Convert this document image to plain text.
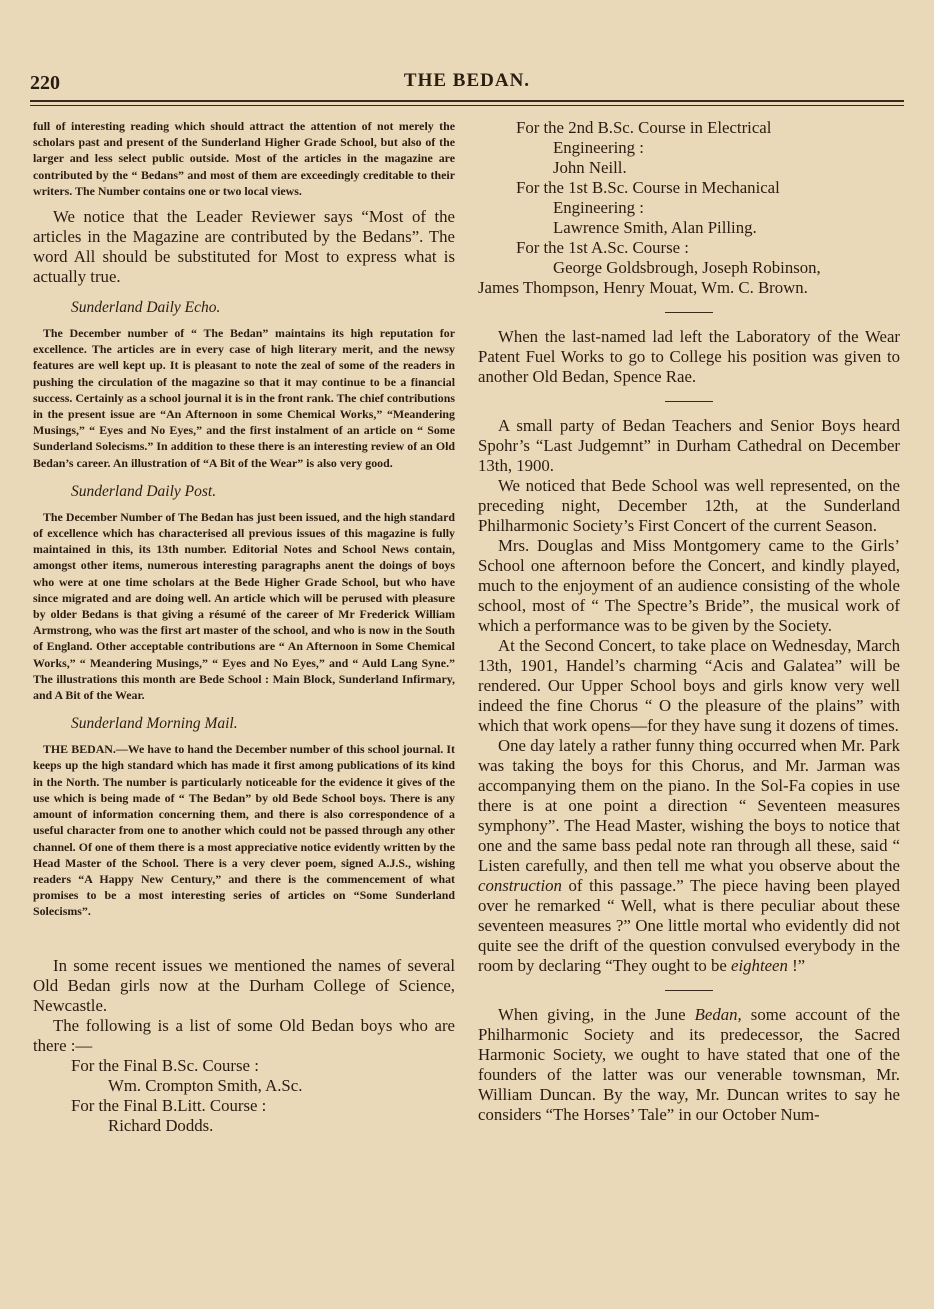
220	THE BEDAN.

full of interesting reading which should attract the attention of not merely the scholars past and present of the Sunderland Higher Grade School, but also of the larger and less select public outside. Most of the articles in the magazine are contributed by the “ Bedans” and most of them are exceedingly creditable to their writers. The Number contains one or two local views.

We notice that the Leader Reviewer says “Most of the articles in the Magazine are contributed by the Bedans”. The word All should be substituted for Most to express what is actually true.

Sunderland Daily Echo.

The December number of “ The Bedan” maintains its high reputation for excellence. The articles are in every case of high literary merit, and the newsy features are well kept up. It is pleasant to note the zeal of some of the readers in pushing the circulation of the magazine so that it may continue to be a financial success. Certainly as a school journal it is in the front rank. The chief contributions in the present issue are “An Afternoon in some Chemical Works,” “Meandering Musings,” “ Eyes and No Eyes,” and the first instalment of an article on “ Some Sunderland Solecisms.” In addition to these there is an interesting review of an Old Bedan’s career. An illustration of “A Bit of the Wear” is also very good.

Sunderland Daily Post.

The December Number of The Bedan has just been issued, and the high standard of excellence which has characterised all previous issues of this magazine is fully maintained in this, its 13th number. Editorial Notes and School News contain, amongst other items, numerous interesting paragraphs anent the doings of boys who were at one time scholars at the Bede Higher Grade School, but who have since migrated and are doing well. An article which will be perused with pleasure by older Bedans is that giving a résumé of the career of Mr Frederick William Armstrong, who was the first art master of the school, and who is now in the South of England. Other acceptable contributions are “ An Afternoon in Some Chemical Works,” “ Meandering Musings,” “ Eyes and No Eyes,” and “ Auld Lang Syne.” The illustrations this month are Bede School : Main Block, Sunderland Infirmary, and A Bit of the Wear.

Sunderland Morning Mail.

THE BEDAN.—We have to hand the December number of this school journal. It keeps up the high standard which has made it first among publications of its kind in the North. The number is particularly noticeable for the evidence it gives of the use which is being made of “ The Bedan” by old Bede School boys. There is any amount of information concerning them, and there is also correspondence of a useful character from one to another which could not be passed through any other channel. Of one of them there is a most appreciative notice evidently written by the Head Master of the School. There is a very clever poem, signed A.J.S., wishing readers “A Happy New Century,” and there is the commencement of what promises to be a most interesting series of articles on “Some Sunderland Solecisms”.

In some recent issues we mentioned the names of several Old Bedan girls now at the Durham College of Science, Newcastle.

The following is a list of some Old Bedan boys who are there :—

For the Final B.Sc. Course :
Wm. Crompton Smith, A.Sc.
For the Final B.Litt. Course :
Richard Dodds.
For the 2nd B.Sc. Course in Electrical
Engineering :
John Neill.
For the 1st B.Sc. Course in Mechanical
Engineering :
Lawrence Smith, Alan Pilling.
For the 1st A.Sc. Course :
George Goldsbrough, Joseph Robinson,
James Thompson, Henry Mouat, Wm. C. Brown.

When the last-named lad left the Laboratory of the Wear Patent Fuel Works to go to College his position was given to another Old Bedan, Spence Rae.

A small party of Bedan Teachers and Senior Boys heard Spohr’s “Last Judgemnt” in Durham Cathedral on December 13th, 1900.

We noticed that Bede School was well represented, on the preceding night, December 12th, at the Sunderland Philharmonic Society’s First Concert of the current Season.

Mrs. Douglas and Miss Montgomery came to the Girls’ School one afternoon before the Concert, and kindly played, much to the enjoyment of an audience consisting of the whole school, most of “ The Spectre’s Bride”, the musical work of which a performance was to be given by the Society.

At the Second Concert, to take place on Wednesday, March 13th, 1901, Handel’s charming “Acis and Galatea” will be rendered. Our Upper School boys and girls know very well indeed the fine Chorus “ O the pleasure of the plains” with which that work opens—for they have sung it dozens of times.

One day lately a rather funny thing occurred when Mr. Park was taking the boys for this Chorus, and Mr. Jarman was accompanying them on the piano. In the Sol-Fa copies in use there is at one point a direction “ Seventeen measures symphony”. The Head Master, wishing the boys to notice that one and the same bass pedal note ran through all these, said “ Listen carefully, and then tell me what you observe about the construction of this passage.” The piece having been played over he remarked “ Well, what is there peculiar about these seventeen measures ?” One little mortal who evidently did not quite see the drift of the question convulsed everybody in the room by declaring “They ought to be eighteen !”

When giving, in the June Bedan, some account of the Philharmonic Society and its predecessor, the Sacred Harmonic Society, we ought to have stated that one of the founders of the latter was our venerable townsman, Mr. William Duncan. By the way, Mr. Duncan writes to say he considers “The Horses’ Tale” in our October Num-
